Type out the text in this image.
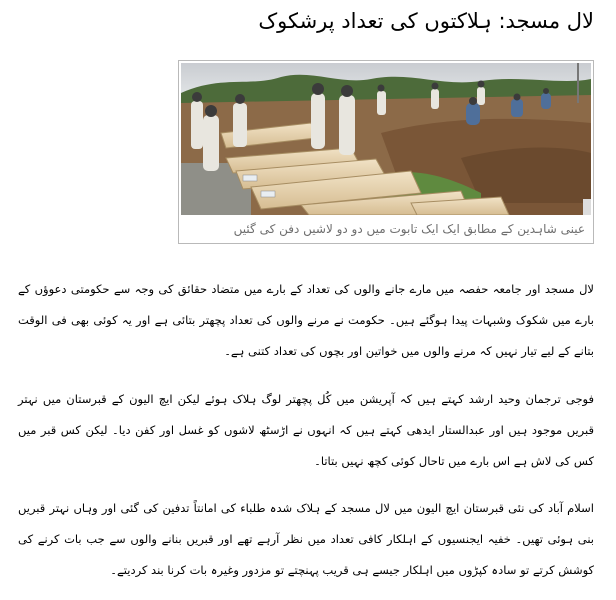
لال مسجد: ہلاکتوں کی تعداد پرشکوک
عینی شاہدین کے مطابق ایک ایک تابوت میں دو دو لاشیں دفن کی گئیں

لال مسجد اور جامعہ حفصہ میں مارے جانے والوں کی تعداد کے بارے میں متضاد حقائق کی وجہ سے حکومتی دعوؤں کے بارے میں شکوک وشبہات پیدا ہوگئے ہیں۔ حکومت نے مرنے والوں کی تعداد پچھتر بتائی ہے اور یہ کوئی بھی فی الوقت بتانے کے لیے تیار نہیں کہ مرنے والوں میں خواتین اور بچوں کی تعداد کتنی ہے۔

فوجی ترجمان وحید ارشد کہتے ہیں کہ آپریشن میں کُل پچھتر لوگ ہلاک ہوئے لیکن ایچ الیون کے قبرستان میں نہتر قبریں موجود ہیں اور عبدالستار ایدھی کہتے ہیں کہ انہوں نے اڑسٹھ لاشوں کو غسل اور کفن دیا۔ لیکن کس قبر میں کس کی لاش ہے اس بارے میں تاحال کوئی کچھ نہیں بتاتا۔

اسلام آباد کی نئی قبرستان ایچ الیون میں لال مسجد کے ہلاک شدہ طلباء کی امانتاً تدفین کی گئی اور وہاں نہتر قبریں بنی ہوئی تھیں۔ خفیہ ایجنسیوں کے اہلکار کافی تعداد میں نظر آرہے تھے اور قبریں بنانے والوں سے جب بات کرنے کی کوشش کرتے تو سادہ کپڑوں میں اہلکار جیسے ہی قریب پہنچتے تو مزدور وغیرہ بات کرنا بند کردیتے۔
